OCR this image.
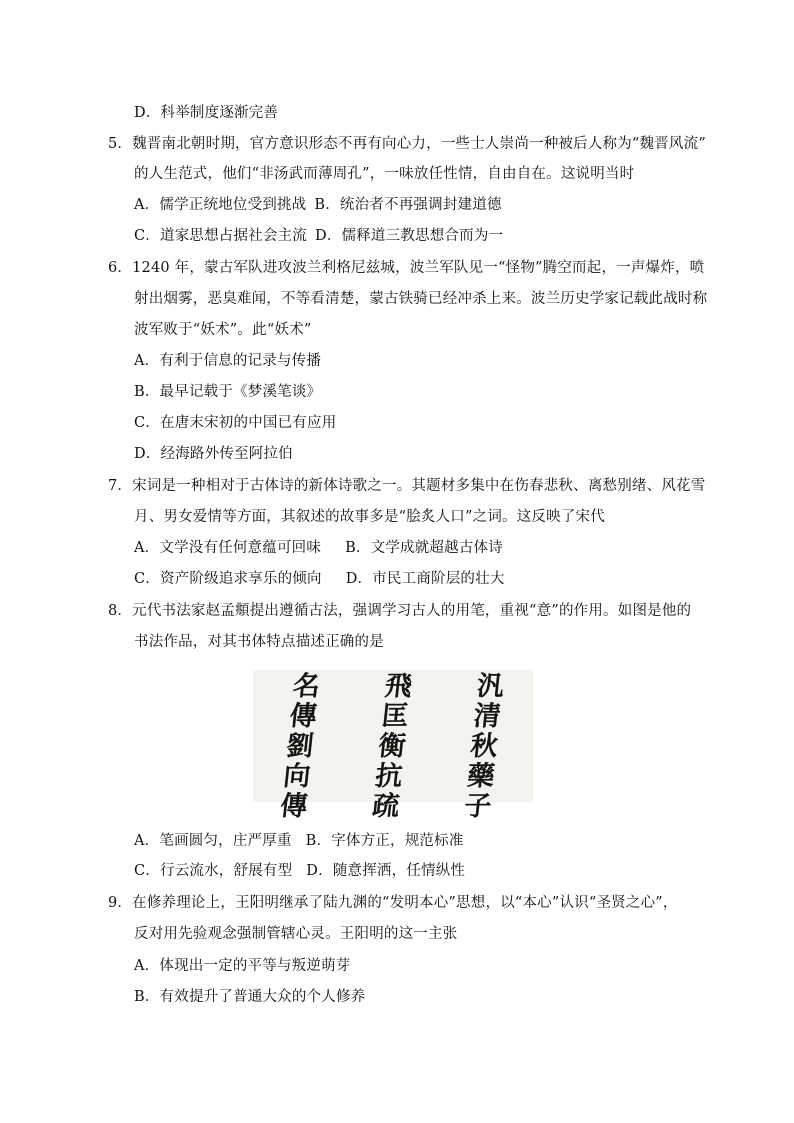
D．科举制度逐渐完善
5．魏晋南北朝时期，官方意识形态不再有向心力，一些士人崇尚一种被后人称为“魏晋风流”
的人生范式，他们“非汤武而薄周孔”，一味放任性情，自由自在。这说明当时
A．儒学正统地位受到挑战 B．统治者不再强调封建道德
C．道家思想占据社会主流 D．儒释道三教思想合而为一
6．1240 年，蒙古军队进攻波兰利格尼兹城，波兰军队见一“怪物”腾空而起，一声爆炸，喷
射出烟雾，恶臭难闻，不等看清楚，蒙古铁骑已经冲杀上来。波兰历史学家记载此战时称
波军败于“妖术”。此“妖术”
A．有利于信息的记录与传播
B．最早记载于《梦溪笔谈》
C．在唐末宋初的中国已有应用
D．经海路外传至阿拉伯
7．宋词是一种相对于古体诗的新体诗歌之一。其题材多集中在伤春悲秋、离愁别绪、风花雪
月、男女爱情等方面，其叙述的故事多是“脍炙人口”之词。这反映了宋代
A．文学没有任何意蕴可回味 B．文学成就超越古体诗
C．资产阶级追求享乐的倾向 D．市民工商阶层的壮大
8．元代书法家赵孟頫提出遵循古法，强调学习古人的用笔，重视“意”的作用。如图是他的
书法作品，对其书体特点描述正确的是
名
傳
劉
向
傳
飛
匡
衡
抗
疏
汎
清
秋
藥
子
A．笔画圆匀，庄严厚重 B．字体方正，规范标准
C．行云流水，舒展有型 D．随意挥洒，任情纵性
9．在修养理论上，王阳明继承了陆九渊的“发明本心”思想，以“本心”认识“圣贤之心”，
反对用先验观念强制管辖心灵。王阳明的这一主张
A．体现出一定的平等与叛逆萌芽
B．有效提升了普通大众的个人修养
